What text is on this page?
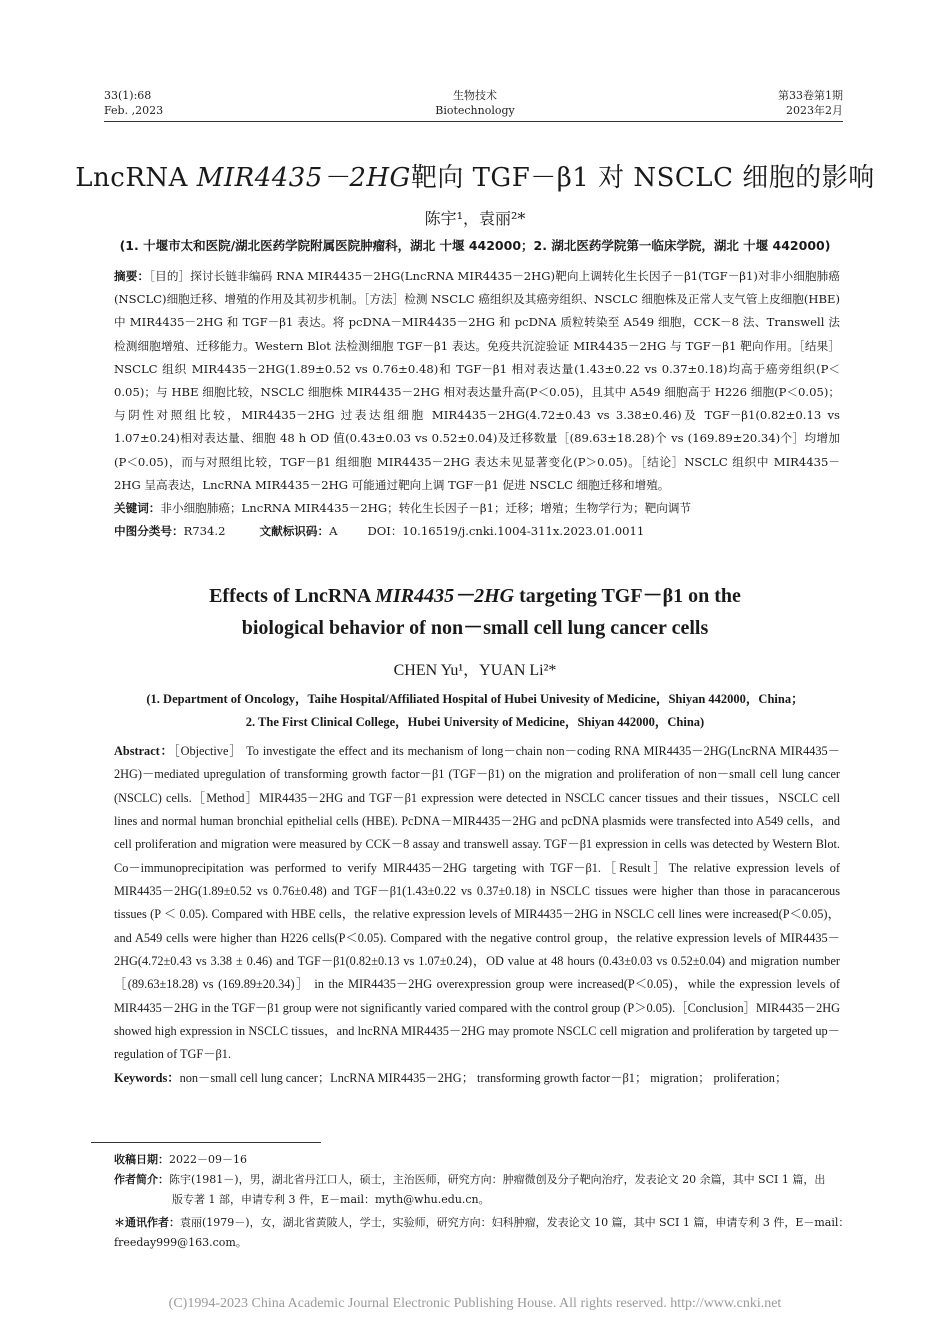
33(1):68
Feb. ,2023
生物技术
Biotechnology
第33卷第1期
2023年2月
LncRNA MIR4435－2HG靶向 TGF－β1 对 NSCLC 细胞的影响
陈宇¹，袁丽²*
(1. 十堰市太和医院/湖北医药学院附属医院肿瘤科，湖北 十堰 442000；2. 湖北医药学院第一临床学院，湖北 十堰 442000)

摘要：［目的］探讨长链非编码 RNA MIR4435－2HG(LncRNA MIR4435－2HG)靶向上调转化生长因子－β1(TGF－β1)对非小细胞肺癌(NSCLC)细胞迁移、增殖的作用及其初步机制。［方法］检测 NSCLC 癌组织及其癌旁组织、NSCLC 细胞株及正常人支气管上皮细胞(HBE)中 MIR4435－2HG 和 TGF－β1 表达。将 pcDNA－MIR4435－2HG 和 pcDNA 质粒转染至 A549 细胞，CCK－8 法、Transwell 法检测细胞增殖、迁移能力。Western Blot 法检测细胞 TGF－β1 表达。免疫共沉淀验证 MIR4435－2HG 与 TGF－β1 靶向作用。［结果］NSCLC 组织 MIR4435－2HG(1.89±0.52 vs 0.76±0.48)和 TGF－β1 相对表达量(1.43±0.22 vs 0.37±0.18)均高于癌旁组织(P＜0.05)；与 HBE 细胞比较，NSCLC 细胞株 MIR4435－2HG 相对表达量升高(P＜0.05)，且其中 A549 细胞高于 H226 细胞(P＜0.05)；与阴性对照组比较，MIR4435－2HG 过表达组细胞 MIR4435－2HG(4.72±0.43 vs 3.38±0.46)及 TGF－β1(0.82±0.13 vs 1.07±0.24)相对表达量、细胞 48 h OD 值(0.43±0.03 vs 0.52±0.04)及迁移数量［(89.63±18.28)个 vs (169.89±20.34)个］均增加(P＜0.05)，而与对照组比较，TGF－β1 组细胞 MIR4435－2HG 表达未见显著变化(P＞0.05)。［结论］NSCLC 组织中 MIR4435－2HG 呈高表达，LncRNA MIR4435－2HG 可能通过靶向上调 TGF－β1 促进 NSCLC 细胞迁移和增殖。

关键词：非小细胞肺癌；LncRNA MIR4435－2HG；转化生长因子－β1；迁移；增殖；生物学行为；靶向调节

中图分类号：R734.2	文献标识码：A	DOI：10.16519/j.cnki.1004-311x.2023.01.0011

Effects of LncRNA MIR4435－2HG targeting TGF－β1 on the
biological behavior of non－small cell lung cancer cells
CHEN Yu¹，YUAN Li²*
(1. Department of Oncology，Taihe Hospital/Affiliated Hospital of Hubei Univesity of Medicine，Shiyan 442000，China；
2. The First Clinical College，Hubei University of Medicine，Shiyan 442000，China)

Abstract：［Objective］ To investigate the effect and its mechanism of long－chain non－coding RNA MIR4435－2HG(LncRNA MIR4435－2HG)－mediated upregulation of transforming growth factor－β1 (TGF－β1) on the migration and proliferation of non－small cell lung cancer (NSCLC) cells.［Method］MIR4435－2HG and TGF－β1 expression were detected in NSCLC cancer tissues and their tissues，NSCLC cell lines and normal human bronchial epithelial cells (HBE). PcDNA－MIR4435－2HG and pcDNA plasmids were transfected into A549 cells，and cell proliferation and migration were measured by CCK－8 assay and transwell assay. TGF－β1 expression in cells was detected by Western Blot. Co－immunoprecipitation was performed to verify MIR4435－2HG targeting with TGF－β1.［Result］The relative expression levels of MIR4435－2HG(1.89±0.52 vs 0.76±0.48) and TGF－β1(1.43±0.22 vs 0.37±0.18) in NSCLC tissues were higher than those in paracancerous tissues (P ＜ 0.05). Compared with HBE cells，the relative expression levels of MIR4435－2HG in NSCLC cell lines were increased(P＜0.05)，and A549 cells were higher than H226 cells(P＜0.05). Compared with the negative control group，the relative expression levels of MIR4435－2HG(4.72±0.43 vs 3.38 ± 0.46) and TGF－β1(0.82±0.13 vs 1.07±0.24)，OD value at 48 hours (0.43±0.03 vs 0.52±0.04) and migration number［(89.63±18.28) vs (169.89±20.34)］ in the MIR4435－2HG overexpression group were increased(P＜0.05)，while the expression levels of MIR4435－2HG in the TGF－β1 group were not significantly varied compared with the control group (P＞0.05).［Conclusion］MIR4435－2HG showed high expression in NSCLC tissues，and lncRNA MIR4435－2HG may promote NSCLC cell migration and proliferation by targeted up－regulation of TGF－β1.

Keywords：non－small cell lung cancer；LncRNA MIR4435－2HG； transforming growth factor－β1； migration； proliferation；

收稿日期：2022－09－16

作者简介：陈宇(1981－)，男，湖北省丹江口人，硕士，主治医师，研究方向：肿瘤微创及分子靶向治疗，发表论文 20 余篇，其中 SCI 1 篇，出

版专著 1 部，申请专利 3 件，E－mail：myth@whu.edu.cn。

＊通讯作者：袁丽(1979－)，女，湖北省黄陂人，学士，实验师，研究方向：妇科肿瘤，发表论文 10 篇，其中 SCI 1 篇，申请专利 3 件，E－mail：

freeday999@163.com。

(C)1994-2023 China Academic Journal Electronic Publishing House. All rights reserved. http://www.cnki.net
